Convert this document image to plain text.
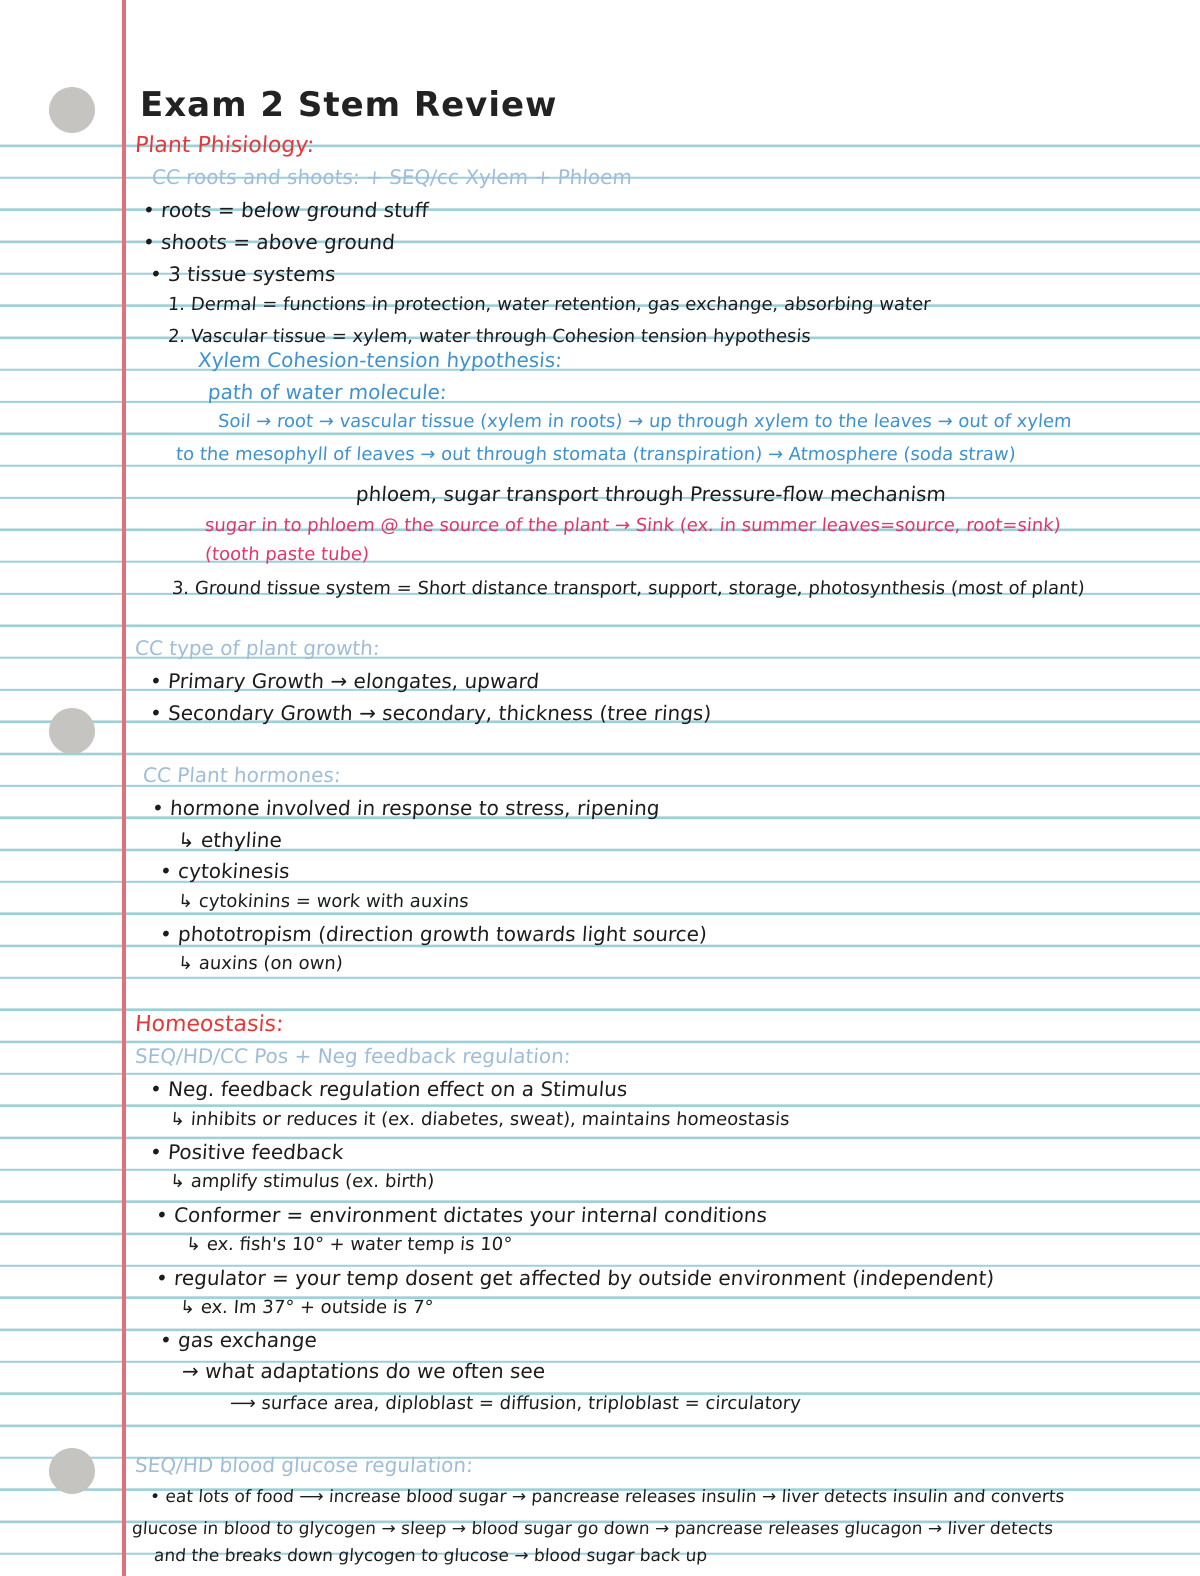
Exam 2 Stem Review
Plant Phisiology:
CC roots and shoots: + SEQ/cc Xylem + Phloem
• roots = below ground stuff
• shoots = above ground
• 3 tissue systems
1. Dermal = functions in protection, water retention, gas exchange, absorbing water
2. Vascular tissue = xylem, water through Cohesion tension hypothesis
Xylem Cohesion-tension hypothesis:
path of water molecule:
Soil → root → vascular tissue (xylem in roots) → up through xylem to the leaves → out of xylem
to the mesophyll of leaves → out through stomata (transpiration) → Atmosphere (soda straw)
phloem, sugar transport through Pressure-flow mechanism
sugar in to phloem @ the source of the plant → Sink (ex. in summer leaves=source, root=sink)
(tooth paste tube)
3. Ground tissue system = Short distance transport, support, storage, photosynthesis (most of plant)
CC type of plant growth:
• Primary Growth → elongates, upward
• Secondary Growth → secondary, thickness (tree rings)
CC Plant hormones:
• hormone involved in response to stress, ripening
↳ ethyline
• cytokinesis
↳ cytokinins = work with auxins
• phototropism (direction growth towards light source)
↳ auxins (on own)
Homeostasis:
SEQ/HD/CC Pos + Neg feedback regulation:
• Neg. feedback regulation effect on a Stimulus
↳ inhibits or reduces it (ex. diabetes, sweat), maintains homeostasis
• Positive feedback
↳ amplify stimulus (ex. birth)
• Conformer = environment dictates your internal conditions
↳ ex. fish's 10° + water temp is 10°
• regulator = your temp dosent get affected by outside environment (independent)
↳ ex. Im 37° + outside is 7°
• gas exchange
→ what adaptations do we often see
⟶ surface area, diploblast = diffusion, triploblast = circulatory
SEQ/HD blood glucose regulation:
• eat lots of food ⟶ increase blood sugar → pancrease releases insulin → liver detects insulin and converts
glucose in blood to glycogen → sleep → blood sugar go down → pancrease releases glucagon → liver detects
and the breaks down glycogen to glucose → blood sugar back up
